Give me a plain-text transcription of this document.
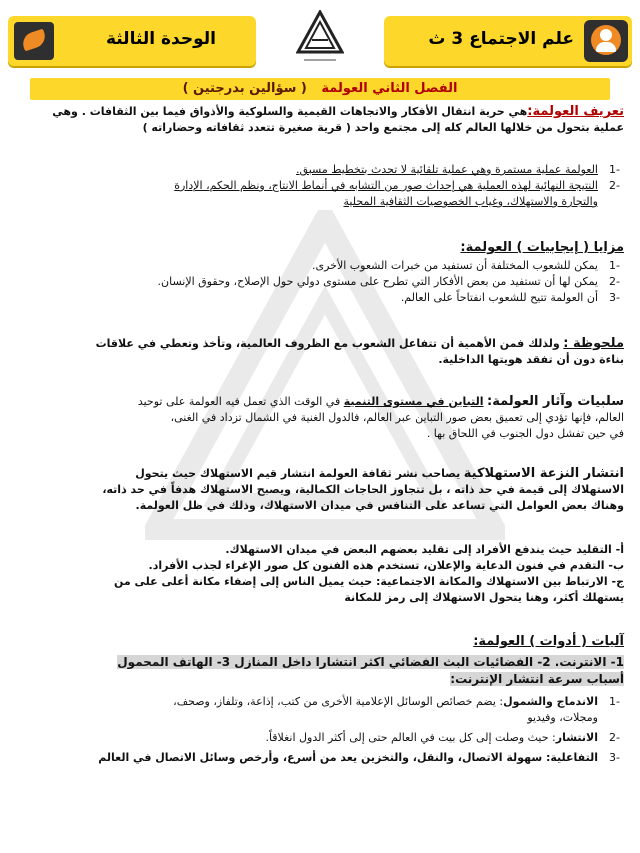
الوحدة الثالثة	علم الاجتماع 3 ث
( سؤالين بدرجتين ) الفصل الثاني العولمة

تعريف العولمة:هي حرية انتقال الأفكار والاتجاهات القيمية والسلوكية والأذواق فيما بين الثقافات . وهي

عملية بتحول من خلالها العالم كله إلى مجتمع واحد ( قرية صغيرة تتعدد ثقافاته وحضاراته )

-1
العولمة عملية مستمرة وهي عملية تلقائية لا تحدث بتخطيط مسبق.

-2
النتيجة النهائية لهذه العملية هي إحداث صور من التشابه في أنماط الانتاج، ونظم الحكم، الإدارة

والتجارة والاستهلاك، وغياب الخصوصيات الثقافية المحلية

مزايا ( إيجابيات ) العولمة:

-1
يمكن للشعوب المختلفة أن تستفيد من خبرات الشعوب الأخرى.

-2
يمكن لها أن تستفيد من بعض الأفكار التي تطرح على مستوى دولي حول الإصلاح، وحقوق الإنسان.

-3
أن العولمة تتيح للشعوب انفتاحاً على العالم.

ملحوظة : ولذلك فمن الأهمية أن تتفاعل الشعوب مع الظروف العالمية، وتأخذ وتعطي في علاقات

بناءة دون أن تفقد هويتها الداخلية.

سلبيات وآثار العولمة: التباين في مستوى التنمية في الوقت الذي تعمل فيه العولمة على توحيد

العالم، فإنها تؤدي إلى تعميق بعض صور التباين عبر العالم، فالدول الغنية في الشمال تزداد في الغنى،

في حين تفشل دول الجنوب في اللحاق بها .

انتشار النزعة الاستهلاكية يصاحب نشر ثقافة العولمة انتشار قيم الاستهلاك حيث يتحول

الاستهلاك إلى قيمة في حد ذاته ، بل تتجاوز الحاجات الكمالية، ويصبح الاستهلاك هدفاً في حد ذاته،

وهناك بعض العوامل التي تساعد على التنافس في ميدان الاستهلاك، وذلك في ظل العولمة.

أ- التقليد حيث يندفع الأفراد إلى تقليد بعضهم البعض في ميدان الاستهلاك.

ب- التقدم في فنون الدعاية والإعلان، تستخدم هذه الفنون كل صور الإغراء لجذب الأفراد.

ج- الارتباط بين الاستهلاك والمكانة الاجتماعية: حيث يميل الناس إلى إضفاء مكانة أعلى على من

يستهلك أكثر، وهنا يتحول الاستهلاك إلى رمز للمكانة

آليات ( أدوات ) العولمة:

1- الانترنت. 2- الفضائيات البث الفضائي اكثر انتشارا داخل المنازل 3- الهاتف المحمول

أسباب سرعة انتشار الإنترنت:

-1
الاندماج والشمول: يضم خصائص الوسائل الإعلامية الأخرى من كتب، إذاعة، وتلفاز، وصحف،

ومجلات، وفيديو

-2
الانتشار: حيث وصلت إلى كل بيت في العالم حتى إلى أكثر الدول انغلاقاً.

-3
التفاعلية: سهولة الاتصال، والنقل، والتخزين يعد من أسرع، وأرخص وسائل الاتصال في العالم
